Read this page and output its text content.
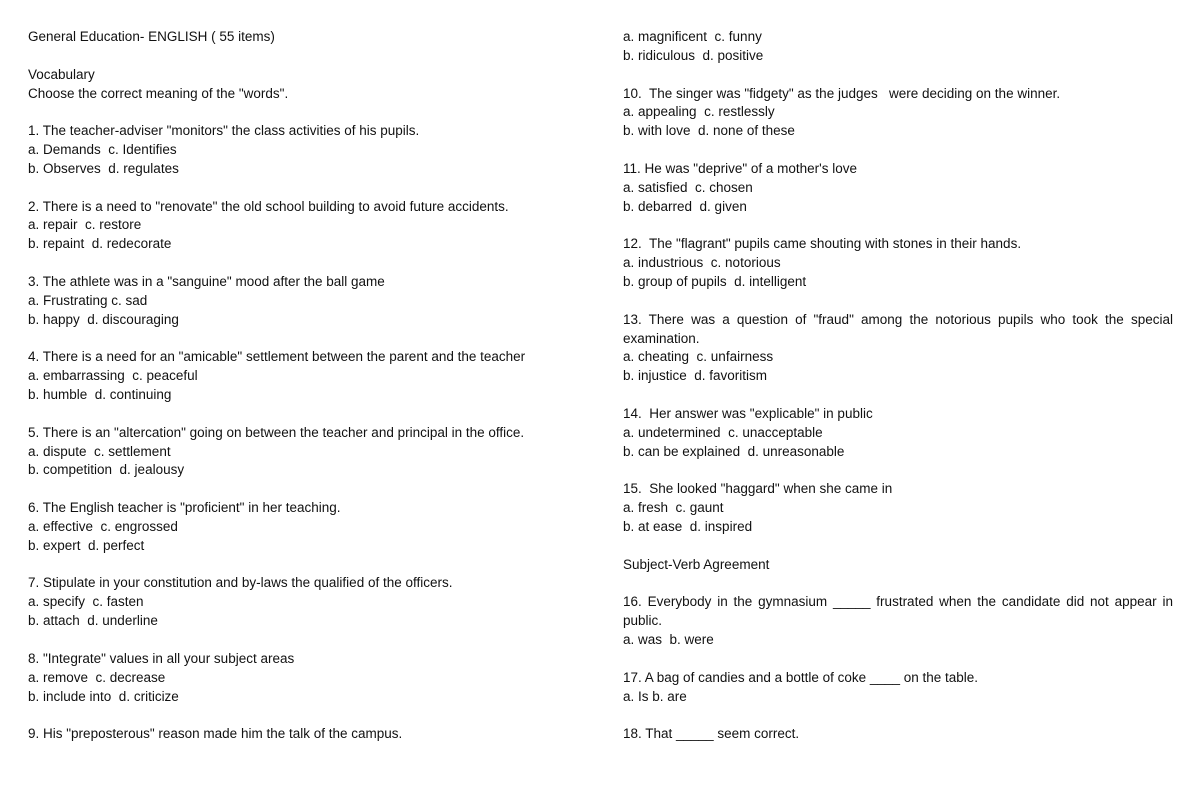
General Education- ENGLISH ( 55 items)
Vocabulary
Choose the correct meaning of the "words".
1. The teacher-adviser "monitors" the class activities of his pupils.
a. Demands  c. Identifies
b. Observes  d. regulates
2. There is a need to "renovate" the old school building to avoid future accidents.
a. repair  c. restore
b. repaint  d. redecorate
3. The athlete was in a "sanguine" mood after the ball game
a. Frustrating c. sad
b. happy  d. discouraging
4. There is a need for an "amicable" settlement between the parent and the teacher
a. embarrassing  c. peaceful
b. humble  d. continuing
5. There is an "altercation" going on between the teacher and principal in the office.
a. dispute  c. settlement
b. competition  d. jealousy
6. The English teacher is "proficient" in her teaching.
a. effective  c. engrossed
b. expert  d. perfect
7. Stipulate in your constitution and by-laws the qualified of the officers.
a. specify  c. fasten
b. attach  d. underline
8. "Integrate" values in all your subject areas
a. remove  c. decrease
b. include into  d. criticize
9. His "preposterous" reason made him the talk of the campus.
a. magnificent  c. funny
b. ridiculous  d. positive
10.  The singer was "fidgety" as the judges   were deciding on the winner.
a. appealing  c. restlessly
b. with love  d. none of these
11. He was "deprive" of a mother's love
a. satisfied  c. chosen
b. debarred  d. given
12.  The "flagrant" pupils came shouting with stones in their hands.
a. industrious  c. notorious
b. group of pupils  d. intelligent
13. There was a question of "fraud" among the notorious pupils who took the special examination.
a. cheating  c. unfairness
b. injustice  d. favoritism
14.  Her answer was "explicable" in public
a. undetermined  c. unacceptable
b. can be explained  d. unreasonable
15.  She looked "haggard" when she came in
a. fresh  c. gaunt
b. at ease  d. inspired
Subject-Verb Agreement
16. Everybody in the gymnasium _____ frustrated when the candidate did not appear in public.
a. was  b. were
17. A bag of candies and a bottle of coke ____ on the table.
a. Is b. are
18. That _____ seem correct.
